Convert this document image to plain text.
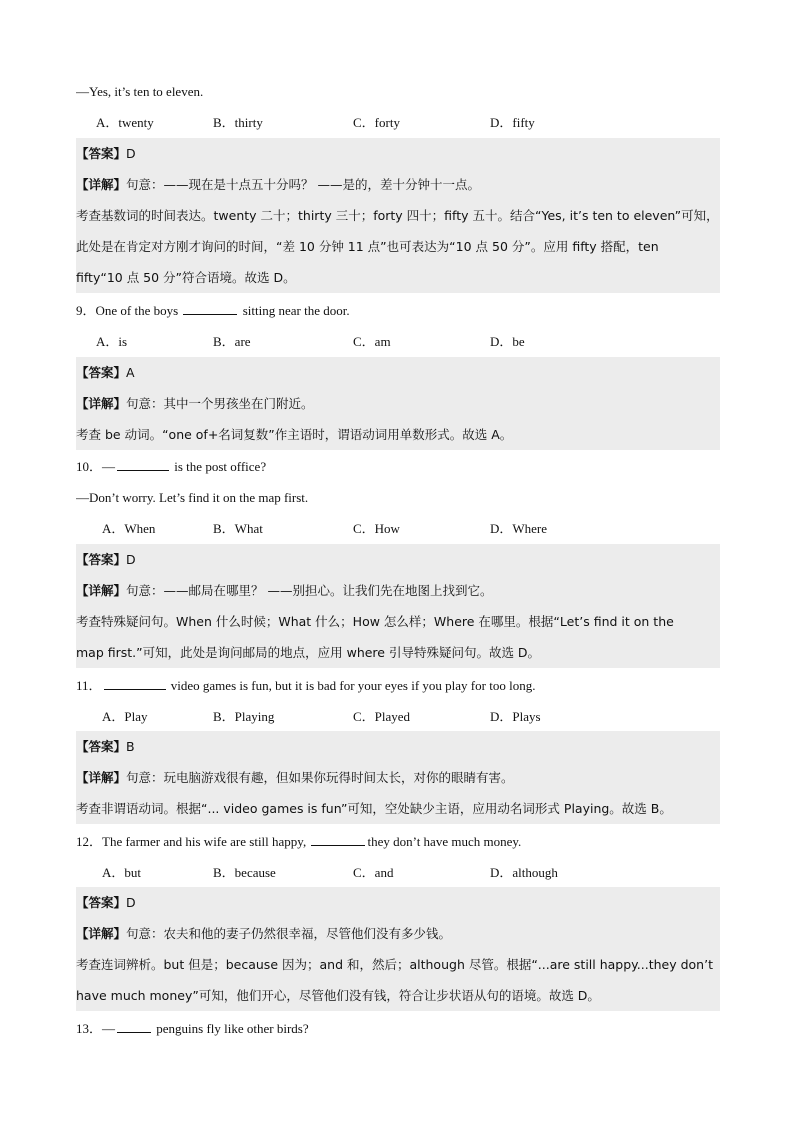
—Yes, it’s ten to eleven.
A．twenty	B．thirty	C．forty	D．fifty
【答案】D
【详解】句意：——现在是十点五十分吗？ ——是的，差十分钟十一点。
考查基数词的时间表达。twenty 二十；thirty 三十；forty 四十；fifty 五十。结合“Yes, it’s ten to eleven”可知，
此处是在肯定对方刚才询问的时间，“差 10 分钟 11 点”也可表达为“10 点 50 分”。应用 fifty 搭配，ten
fifty“10 点 50 分”符合语境。故选 D。
9．One of the boys	sitting near the door.
A．is	B．are	C．am	D．be
【答案】A
【详解】句意：其中一个男孩坐在门附近。
考查 be 动词。“one of+名词复数”作主语时，谓语动词用单数形式。故选 A。
10．—	is the post office?
—Don’t worry. Let’s find it on the map first.
A．When	B．What	C．How	D．Where
【答案】D
【详解】句意：——邮局在哪里？ ——别担心。让我们先在地图上找到它。
考查特殊疑问句。When 什么时候；What 什么；How 怎么样；Where 在哪里。根据“Let’s find it on the
map first.”可知，此处是询问邮局的地点，应用 where 引导特殊疑问句。故选 D。
11．	video games is fun, but it is bad for your eyes if you play for too long.
A．Play	B．Playing	C．Played	D．Plays
【答案】B
【详解】句意：玩电脑游戏很有趣，但如果你玩得时间太长，对你的眼睛有害。
考查非谓语动词。根据“... video games is fun”可知，空处缺少主语，应用动名词形式 Playing。故选 B。
12．The farmer and his wife are still happy,	they don’t have much money.
A．but	B．because	C．and	D．although
【答案】D
【详解】句意：农夫和他的妻子仍然很幸福，尽管他们没有多少钱。
考查连词辨析。but 但是；because 因为；and 和，然后；although 尽管。根据“...are still happy...they don’t
have much money”可知，他们开心，尽管他们没有钱，符合让步状语从句的语境。故选 D。
13．—	penguins fly like other birds?
